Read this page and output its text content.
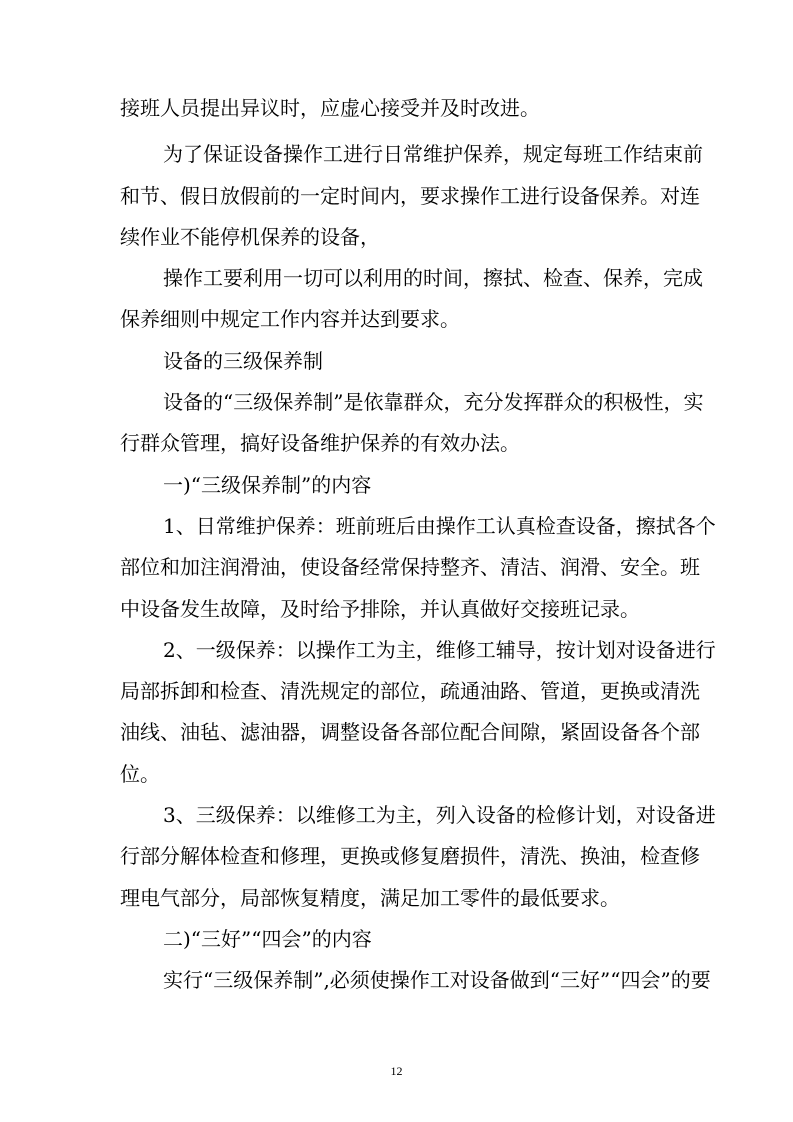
接班人员提出异议时，应虚心接受并及时改进。
为了保证设备操作工进行日常维护保养，规定每班工作结束前
和节、假日放假前的一定时间内，要求操作工进行设备保养。对连
续作业不能停机保养的设备，
操作工要利用一切可以利用的时间，擦拭、检查、保养，完成
保养细则中规定工作内容并达到要求。
设备的三级保养制
设备的“三级保养制”是依靠群众，充分发挥群众的积极性，实
行群众管理，搞好设备维护保养的有效办法。
一)“三级保养制”的内容
1、日常维护保养：班前班后由操作工认真检查设备，擦拭各个
部位和加注润滑油，使设备经常保持整齐、清洁、润滑、安全。班
中设备发生故障，及时给予排除，并认真做好交接班记录。
2、一级保养：以操作工为主，维修工辅导，按计划对设备进行
局部拆卸和检查、清洗规定的部位，疏通油路、管道，更换或清洗
油线、油毡、滤油器，调整设备各部位配合间隙，紧固设备各个部
位。
3、三级保养：以维修工为主，列入设备的检修计划，对设备进
行部分解体检查和修理，更换或修复磨损件，清洗、换油，检查修
理电气部分，局部恢复精度，满足加工零件的最低要求。
二)“三好”“四会”的内容
实行“三级保养制”,必须使操作工对设备做到“三好”“四会”的要
12
